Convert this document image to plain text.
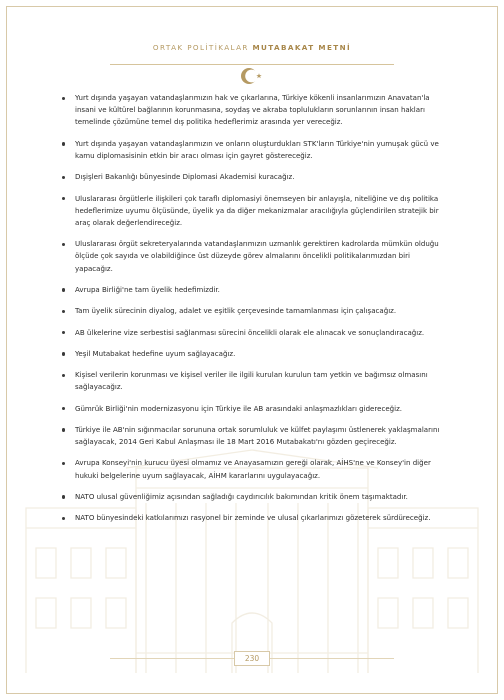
ORTAK POLİTİKALAR MUTABAKAT METNİ
Yurt dışında yaşayan vatandaşlarımızın hak ve çıkarlarına, Türkiye kökenli insanlarımızın Anavatan'la insani ve kültürel bağlarının korunmasına, soydaş ve akraba toplulukların sorunlarının insan hakları temelinde çözümüne temel dış politika hedeflerimiz arasında yer vereceğiz.
Yurt dışında yaşayan vatandaşlarımızın ve onların oluşturdukları STK'ların Türkiye'nin yumuşak gücü ve kamu diplomasisinin etkin bir aracı olması için gayret göstereceğiz.
Dışişleri Bakanlığı bünyesinde Diplomasi Akademisi kuracağız.
Uluslararası örgütlerle ilişkileri çok taraflı diplomasiyi önemseyen bir anlayışla, niteliğine ve dış politika hedeflerimize uyumu ölçüsünde, üyelik ya da diğer mekanizmalar aracılığıyla güçlendirilen stratejik bir araç olarak değerlendireceğiz.
Uluslararası örgüt sekreteryalarında vatandaşlarımızın uzmanlık gerektiren kadrolarda mümkün olduğu ölçüde çok sayıda ve olabildiğince üst düzeyde görev almalarını öncelikli politikalarımızdan biri yapacağız.
Avrupa Birliği'ne tam üyelik hedefimizdir.
Tam üyelik sürecinin diyalog, adalet ve eşitlik çerçevesinde tamamlanması için çalışacağız.
AB ülkelerine vize serbestisi sağlanması sürecini öncelikli olarak ele alınacak ve sonuçlandıracağız.
Yeşil Mutabakat hedefine uyum sağlayacağız.
Kişisel verilerin korunması ve kişisel veriler ile ilgili kurulan kurulun tam yetkin ve bağımsız olmasını sağlayacağız.
Gümrük Birliği'nin modernizasyonu için Türkiye ile AB arasındaki anlaşmazlıkları gidereceğiz.
Türkiye ile AB'nin sığınmacılar sorununa ortak sorumluluk ve külfet paylaşımı üstlenerek yaklaşmalarını sağlayacak, 2014 Geri Kabul Anlaşması ile 18 Mart 2016 Mutabakatı'nı gözden geçireceğiz.
Avrupa Konseyi'nin kurucu üyesi olmamız ve Anayasamızın gereği olarak, AİHS'ne ve Konsey'in diğer hukuki belgelerine uyum sağlayacak, AİHM kararlarını uygulayacağız.
NATO ulusal güvenliğimiz açısından sağladığı caydırıcılık bakımından kritik önem taşımaktadır.
NATO bünyesindeki katkılarımızı rasyonel bir zeminde ve ulusal çıkarlarımızı gözeterek sürdüreceğiz.
230
